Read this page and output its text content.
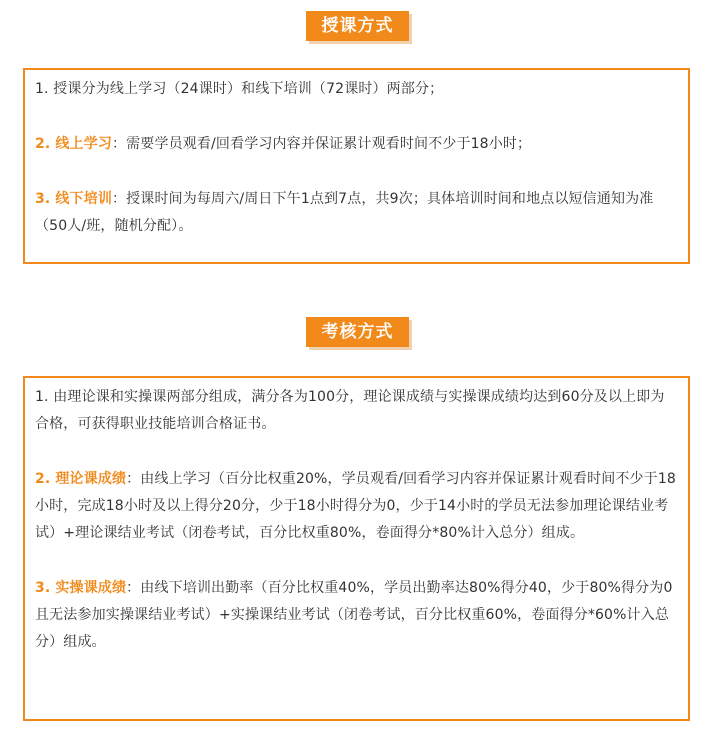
授课方式

1. 授课分为线上学习（24课时）和线下培训（72课时）两部分；

2. 线上学习：需要学员观看/回看学习内容并保证累计观看时间不少于18小时；

3. 线下培训：授课时间为每周六/周日下午1点到7点，共9次；具体培训时间和地点以短信通知为准（50人/班，随机分配）。

考核方式

1. 由理论课和实操课两部分组成，满分各为100分，理论课成绩与实操课成绩均达到60分及以上即为合格，可获得职业技能培训合格证书。

2. 理论课成绩：由线上学习（百分比权重20%，学员观看/回看学习内容并保证累计观看时间不少于18小时，完成18小时及以上得分20分，少于18小时得分为0，少于14小时的学员无法参加理论课结业考试）+理论课结业考试（闭卷考试，百分比权重80%，卷面得分*80%计入总分）组成。

3. 实操课成绩：由线下培训出勤率（百分比权重40%，学员出勤率达80%得分40，少于80%得分为0且无法参加实操课结业考试）+实操课结业考试（闭卷考试，百分比权重60%，卷面得分*60%计入总分）组成。
